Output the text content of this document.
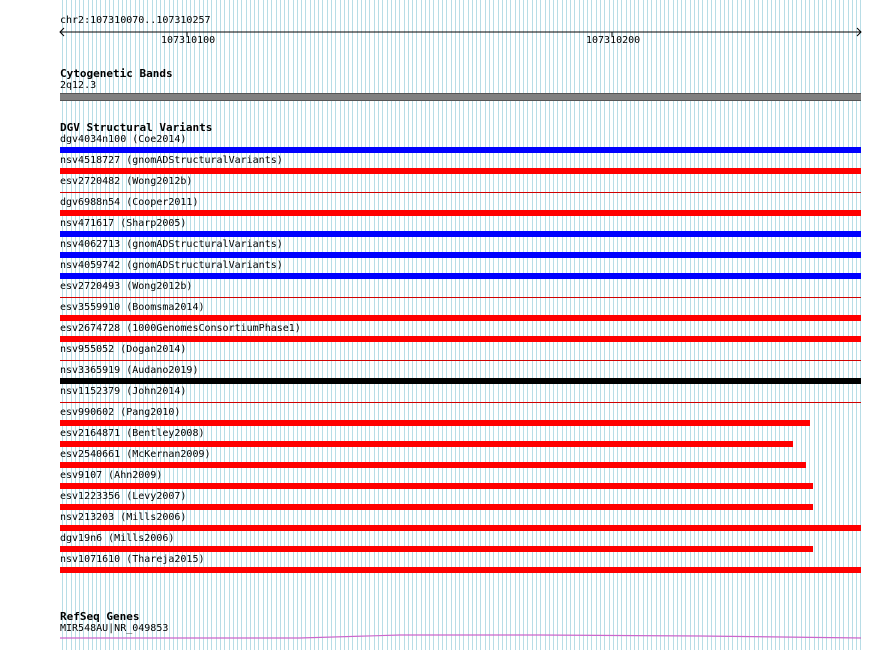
chr2:107310070..107310257
107310100	107310200
Cytogenetic Bands
2q12.3
DGV Structural Variants
dgv4034n100 (Coe2014)
nsv4518727 (gnomADStructuralVariants)
esv2720482 (Wong2012b)
dgv6988n54 (Cooper2011)
nsv471617 (Sharp2005)
nsv4062713 (gnomADStructuralVariants)
nsv4059742 (gnomADStructuralVariants)
esv2720493 (Wong2012b)
esv3559910 (Boomsma2014)
esv2674728 (1000GenomesConsortiumPhase1)
nsv955052 (Dogan2014)
nsv3365919 (Audano2019)
nsv1152379 (John2014)
esv990602 (Pang2010)
esv2164871 (Bentley2008)
esv2540661 (McKernan2009)
esv9107 (Ahn2009)
esv1223356 (Levy2007)
nsv213203 (Mills2006)
dgv19n6 (Mills2006)
nsv1071610 (Thareja2015)
RefSeq Genes
MIR548AU|NR_049853
